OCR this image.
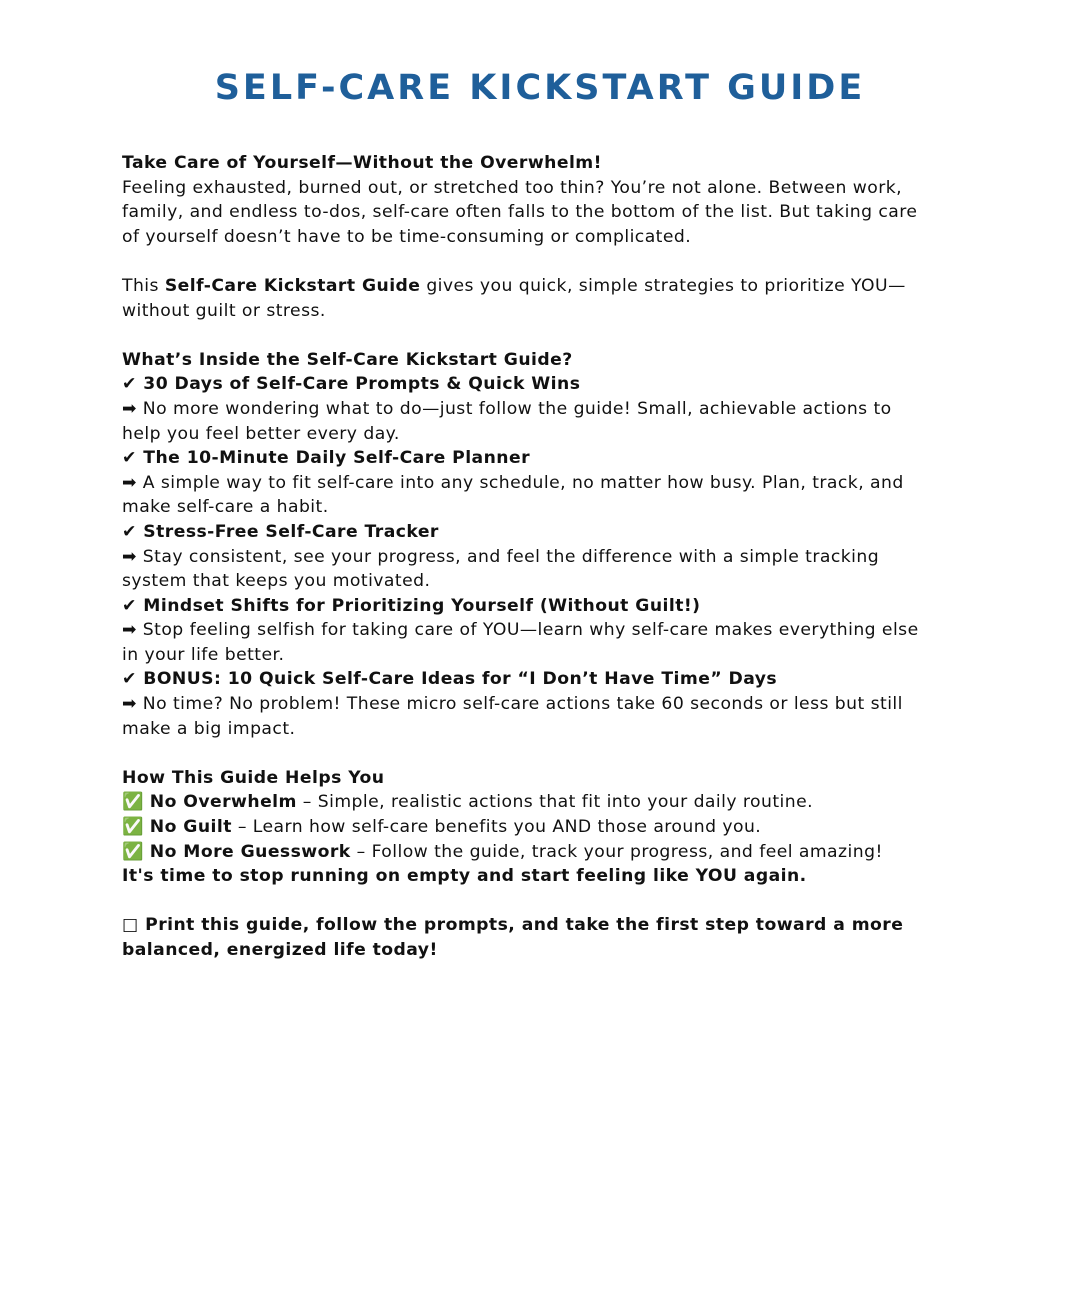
SELF-CARE KICKSTART GUIDE
Take Care of Yourself—Without the Overwhelm!
Feeling exhausted, burned out, or stretched too thin? You’re not alone. Between work,
family, and endless to-dos, self-care often falls to the bottom of the list. But taking care
of yourself doesn’t have to be time-consuming or complicated.
This Self-Care Kickstart Guide gives you quick, simple strategies to prioritize YOU—
without guilt or stress.
What’s Inside the Self-Care Kickstart Guide?
✔ 30 Days of Self-Care Prompts & Quick Wins
➡ No more wondering what to do—just follow the guide! Small, achievable actions to
help you feel better every day.
✔ The 10-Minute Daily Self-Care Planner
➡ A simple way to fit self-care into any schedule, no matter how busy. Plan, track, and
make self-care a habit.
✔ Stress-Free Self-Care Tracker
➡ Stay consistent, see your progress, and feel the difference with a simple tracking
system that keeps you motivated.
✔ Mindset Shifts for Prioritizing Yourself (Without Guilt!)
➡ Stop feeling selfish for taking care of YOU—learn why self-care makes everything else
in your life better.
✔ BONUS: 10 Quick Self-Care Ideas for “I Don’t Have Time” Days
➡ No time? No problem! These micro self-care actions take 60 seconds or less but still
make a big impact.
How This Guide Helps You
✅ No Overwhelm – Simple, realistic actions that fit into your daily routine.
✅ No Guilt – Learn how self-care benefits you AND those around you.
✅ No More Guesswork – Follow the guide, track your progress, and feel amazing!
It's time to stop running on empty and start feeling like YOU again.
□ Print this guide, follow the prompts, and take the first step toward a more
balanced, energized life today!
